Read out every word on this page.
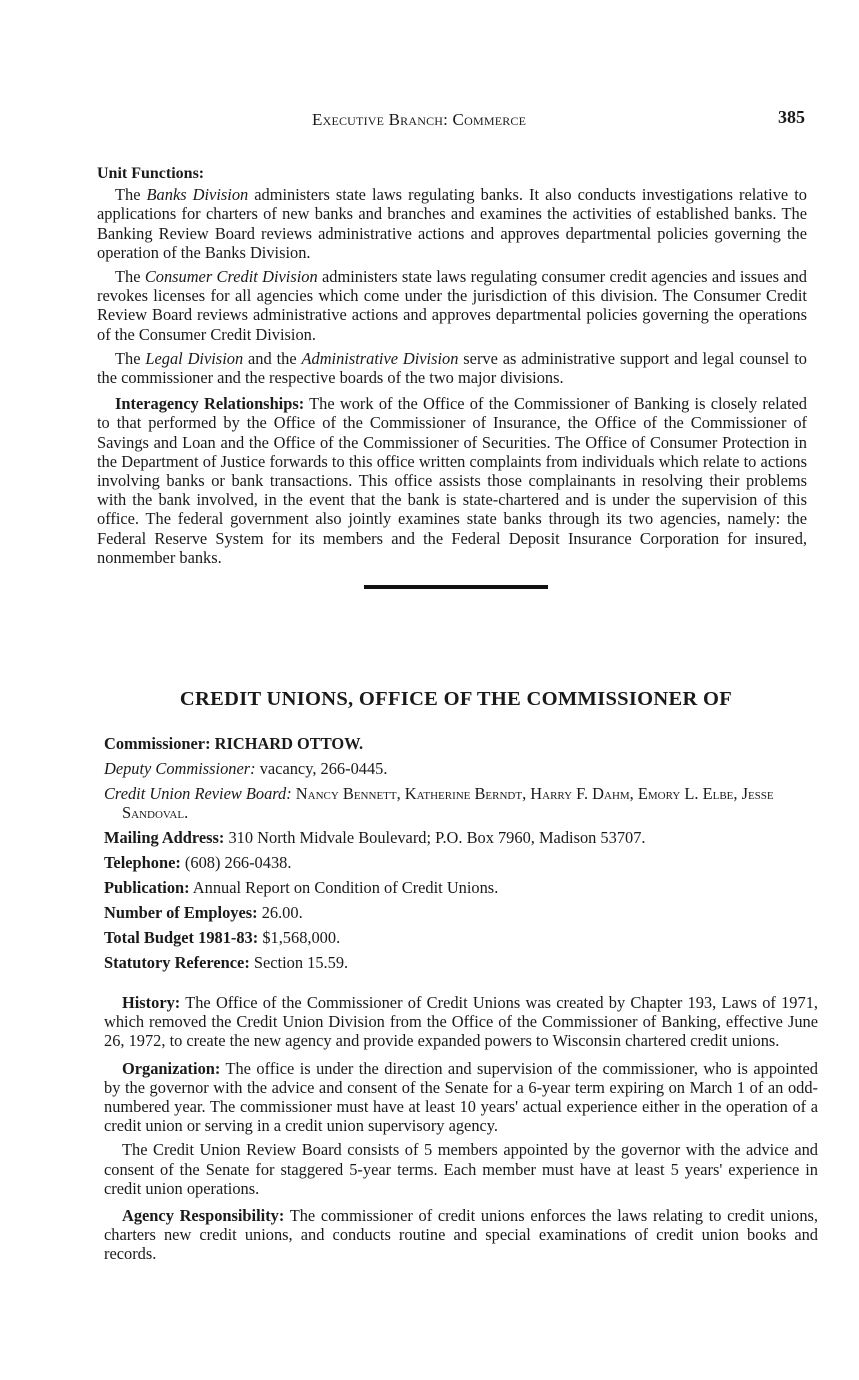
Executive Branch: Commerce	385
Unit Functions:

The Banks Division administers state laws regulating banks. It also conducts investigations relative to applications for charters of new banks and branches and examines the activities of established banks. The Banking Review Board reviews administrative actions and approves departmental policies governing the operation of the Banks Division.

The Consumer Credit Division administers state laws regulating consumer credit agencies and issues and revokes licenses for all agencies which come under the jurisdiction of this division. The Consumer Credit Review Board reviews administrative actions and approves departmental policies governing the operations of the Consumer Credit Division.

The Legal Division and the Administrative Division serve as administrative support and legal counsel to the commissioner and the respective boards of the two major divisions.

Interagency Relationships: The work of the Office of the Commissioner of Banking is closely related to that performed by the Office of the Commissioner of Insurance, the Office of the Commissioner of Savings and Loan and the Office of the Commissioner of Securities. The Office of Consumer Protection in the Department of Justice forwards to this office written complaints from individuals which relate to actions involving banks or bank transactions. This office assists those complainants in resolving their problems with the bank involved, in the event that the bank is state-chartered and is under the supervision of this office. The federal government also jointly examines state banks through its two agencies, namely: the Federal Reserve System for its members and the Federal Deposit Insurance Corporation for insured, nonmember banks.

CREDIT UNIONS, OFFICE OF THE COMMISSIONER OF
Commissioner: RICHARD OTTOW.
Deputy Commissioner: vacancy, 266-0445.
Credit Union Review Board: Nancy Bennett, Katherine Berndt, Harry F. Dahm, Emory L. Elbe, Jesse Sandoval.
Mailing Address: 310 North Midvale Boulevard; P.O. Box 7960, Madison 53707.
Telephone: (608) 266-0438.
Publication: Annual Report on Condition of Credit Unions.
Number of Employes: 26.00.
Total Budget 1981-83: $1,568,000.
Statutory Reference: Section 15.59.

History: The Office of the Commissioner of Credit Unions was created by Chapter 193, Laws of 1971, which removed the Credit Union Division from the Office of the Commissioner of Banking, effective June 26, 1972, to create the new agency and provide expanded powers to Wisconsin chartered credit unions.

Organization: The office is under the direction and supervision of the commissioner, who is appointed by the governor with the advice and consent of the Senate for a 6-year term expiring on March 1 of an odd-numbered year. The commissioner must have at least 10 years' actual experience either in the operation of a credit union or serving in a credit union supervisory agency.

The Credit Union Review Board consists of 5 members appointed by the governor with the advice and consent of the Senate for staggered 5-year terms. Each member must have at least 5 years' experience in credit union operations.

Agency Responsibility: The commissioner of credit unions enforces the laws relating to credit unions, charters new credit unions, and conducts routine and special examinations of credit union books and records.
